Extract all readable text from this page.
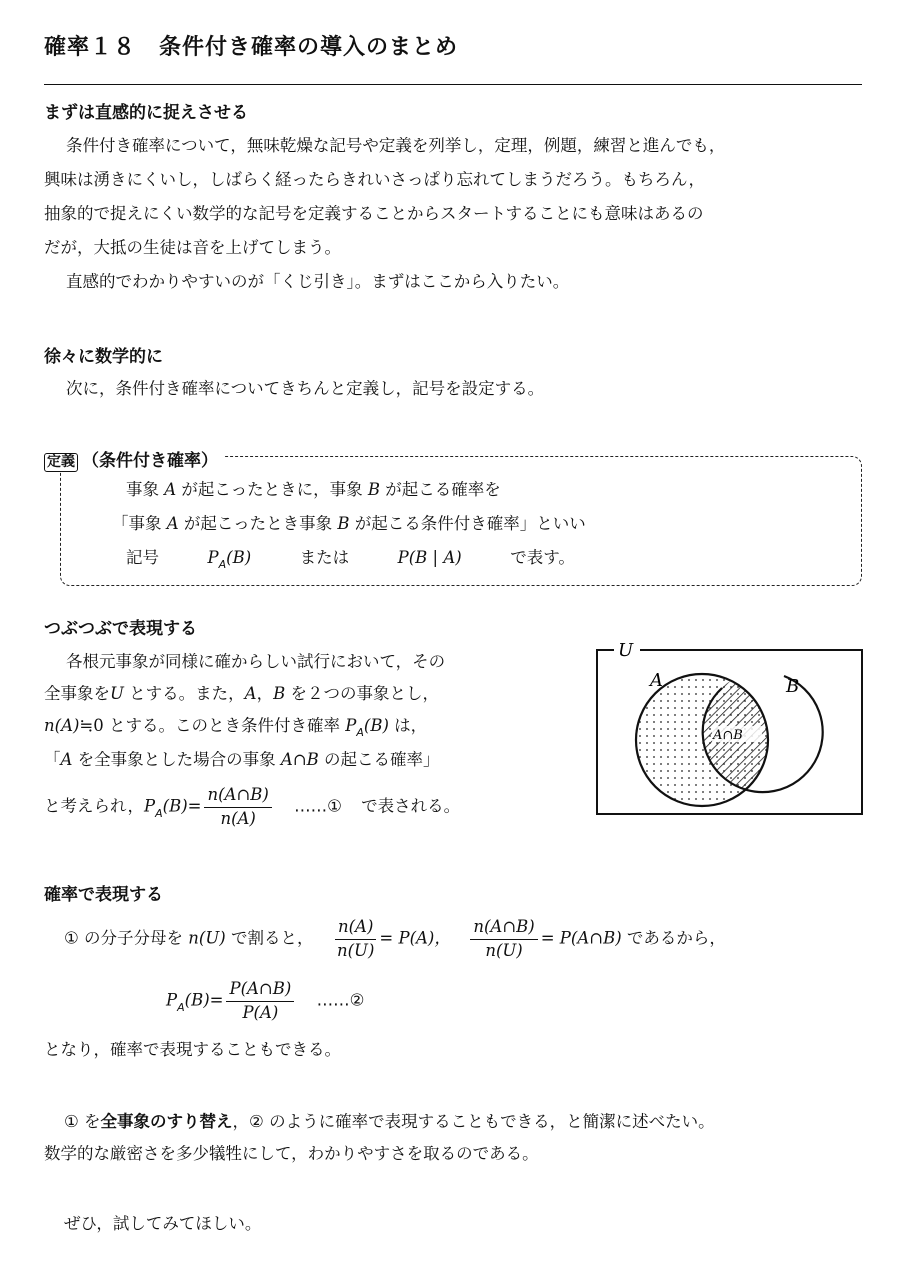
確率１８　条件付き確率の導入のまとめ
まずは直感的に捉えさせる
条件付き確率について，無味乾燥な記号や定義を列挙し，定理，例題，練習と進んでも，
興味は湧きにくいし，しばらく経ったらきれいさっぱり忘れてしまうだろう。もちろん，
抽象的で捉えにくい数学的な記号を定義することからスタートすることにも意味はあるの
だが，大抵の生徒は音を上げてしまう。
直感的でわかりやすいのが「くじ引き」。まずはここから入りたい。
徐々に数学的に
次に，条件付き確率についてきちんと定義し，記号を設定する。
定義 （条件付き確率）
事象 A が起こったときに，事象 B が起こる確率を
「事象 A が起こったとき事象 B が起こる条件付き確率」といい
記号	$P_A(B)$	または	P(B | A)	で表す。
つぶつぶで表現する
各根元事象が同様に確からしい試行において，その
全事象をU とする。また，A，B を２つの事象とし，
n(A)≒0 とする。このとき条件付き確率 $P_A(B)$ は，
「A を全事象とした場合の事象 A∩B の起こる確率」
と考えられ，$P_A(B)= \frac{n(A\cap B)}{n(A)}$ ……① で表される。
U
A	B
A∩B
確率で表現する
① の分子分母を n(U) で割ると， $\frac{n(A)}{n(U)} = P(A)$， $\frac{n(A\cap B)}{n(U)}$ = P(A∩B) であるから，
$P_A(B)= \frac{P(A\cap B)}{P(A)}$ ……②
となり，確率で表現することもできる。
① を全事象のすり替え，② のように確率で表現することもできる，と簡潔に述べたい。
数学的な厳密さを多少犠牲にして，わかりやすさを取るのである。
ぜひ，試してみてほしい。
